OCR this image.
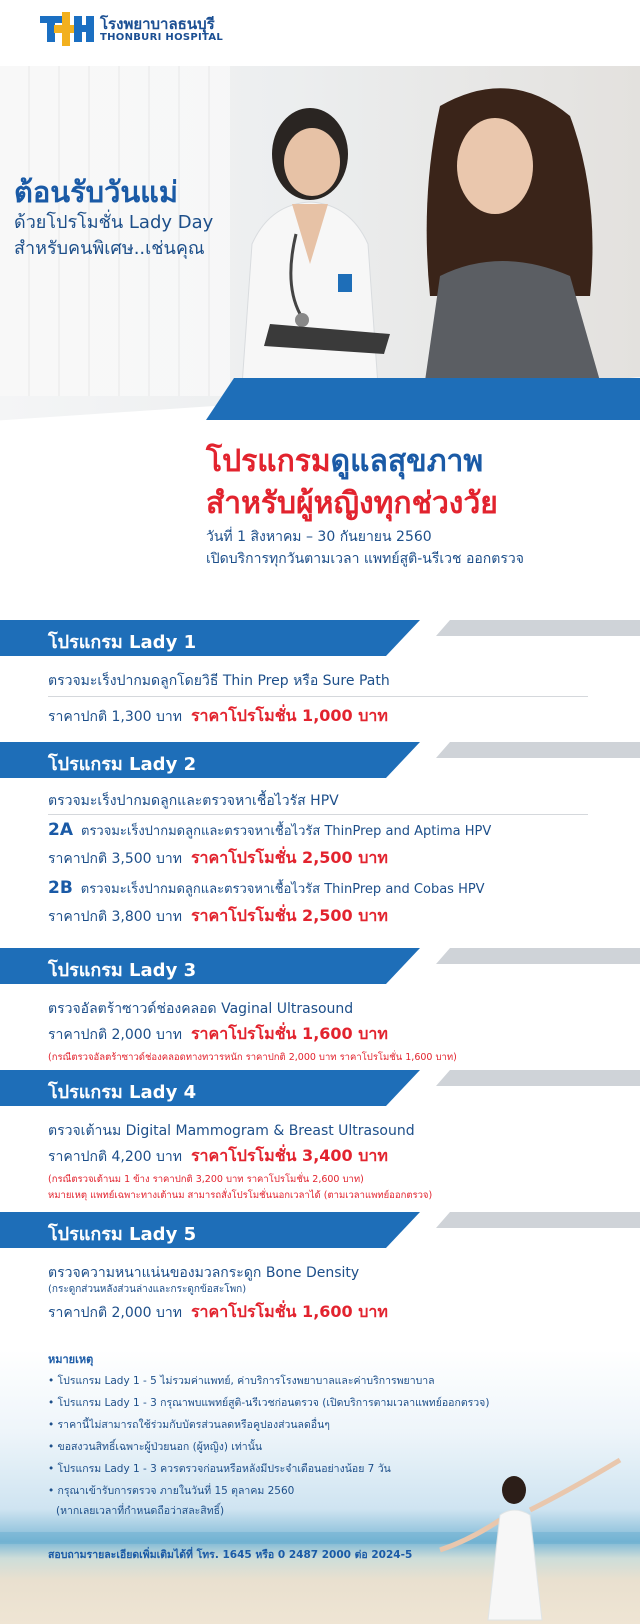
โรงพยาบาลธนบุรี
THONBURI HOSPITAL
ต้อนรับวันแม่
ด้วยโปรโมชั่น Lady Day
สำหรับคนพิเศษ..เช่นคุณ
โปรแกรมดูแลสุขภาพ
สำหรับผู้หญิงทุกช่วงวัย
วันที่ 1 สิงหาคม – 30 กันยายน 2560
เปิดบริการทุกวันตามเวลา แพทย์สูติ-นรีเวช ออกตรวจ
โปรแกรม Lady 1
ตรวจมะเร็งปากมดลูกโดยวิธี Thin Prep หรือ Sure Path
ราคาปกติ 1,300 บาท ราคาโปรโมชั่น 1,000 บาท
โปรแกรม Lady 2
ตรวจมะเร็งปากมดลูกและตรวจหาเชื้อไวรัส HPV
2A ตรวจมะเร็งปากมดลูกและตรวจหาเชื้อไวรัส ThinPrep and Aptima HPV
ราคาปกติ 3,500 บาท ราคาโปรโมชั่น 2,500 บาท
2B ตรวจมะเร็งปากมดลูกและตรวจหาเชื้อไวรัส ThinPrep and Cobas HPV
ราคาปกติ 3,800 บาท ราคาโปรโมชั่น 2,500 บาท
โปรแกรม Lady 3
ตรวจอัลตร้าซาวด์ช่องคลอด Vaginal Ultrasound
ราคาปกติ 2,000 บาท ราคาโปรโมชั่น 1,600 บาท
(กรณีตรวจอัลตร้าซาวด์ช่องคลอดทางทวารหนัก ราคาปกติ 2,000 บาท ราคาโปรโมชั่น 1,600 บาท)
โปรแกรม Lady 4
ตรวจเต้านม Digital Mammogram & Breast Ultrasound
ราคาปกติ 4,200 บาท ราคาโปรโมชั่น 3,400 บาท
(กรณีตรวจเต้านม 1 ข้าง ราคาปกติ 3,200 บาท ราคาโปรโมชั่น 2,600 บาท)
หมายเหตุ แพทย์เฉพาะทางเต้านม สามารถสั่งโปรโมชั่นนอกเวลาได้ (ตามเวลาแพทย์ออกตรวจ)
โปรแกรม Lady 5
ตรวจความหนาแน่นของมวลกระดูก Bone Density
(กระดูกส่วนหลังส่วนล่างและกระดูกข้อสะโพก)
ราคาปกติ 2,000 บาท ราคาโปรโมชั่น 1,600 บาท
หมายเหตุ
• โปรแกรม Lady 1 - 5 ไม่รวมค่าแพทย์, ค่าบริการโรงพยาบาลและค่าบริการพยาบาล
• โปรแกรม Lady 1 - 3 กรุณาพบแพทย์สูติ-นรีเวชก่อนตรวจ (เปิดบริการตามเวลาแพทย์ออกตรวจ)
• ราคานี้ไม่สามารถใช้ร่วมกับบัตรส่วนลดหรือคูปองส่วนลดอื่นๆ
• ขอสงวนสิทธิ์เฉพาะผู้ป่วยนอก (ผู้หญิง) เท่านั้น
• โปรแกรม Lady 1 - 3 ควรตรวจก่อนหรือหลังมีประจำเดือนอย่างน้อย 7 วัน
• กรุณาเข้ารับการตรวจ ภายในวันที่ 15 ตุลาคม 2560
(หากเลยเวลาที่กำหนดถือว่าสละสิทธิ์)
สอบถามรายละเอียดเพิ่มเติมได้ที่ โทร. 1645 หรือ 0 2487 2000 ต่อ 2024-5
